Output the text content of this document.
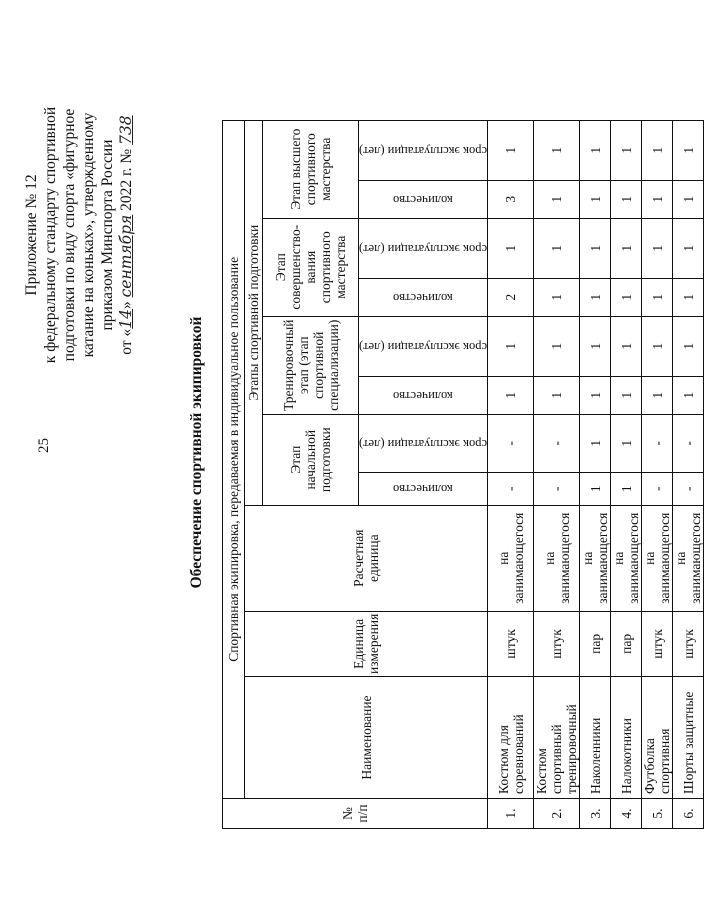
25
Приложение № 12 к федеральному стандарту спортивной подготовки по виду спорта «фигурное катание на коньках», утвержденному приказом Минспорта России
от «14» сентября 2022 г. № 738
Обеспечение спортивной экипировкой
№ п/п	Спортивная экипировка, передаваемая в индивидуальное пользование										
	Наименование	Единица измерения	Расчетная единица	Этапы спортивной подготовки							
				Этап начальной подготовки		Тренировочный этап (этап спортивной специализации)		Этап совершенство- вания спортивного мастерства		Этап высшего спортивного мастерства	

				количество	срок эксплуатации (лет)	количество	срок эксплуатации (лет)	количество	срок эксплуатации (лет)	количество	срок эксплуатации (лет)

1.	Костюм для соревнований	штук	на занимающегося	-	-	1	1	2	1	3	1
2.	Костюм спортивный тренировочный	штук	на занимающегося	-	-	1	1	1	1	1	1
3.	Наколенники	пар	на занимающегося	1	1	1	1	1	1	1	1
4.	Налокотники	пар	на занимающегося	1	1	1	1	1	1	1	1
5.	Футболка спортивная	штук	на занимающегося	-	-	1	1	1	1	1	1
6.	Шорты защитные	штук	на занимающегося	-	-	1	1	1	1	1	1
